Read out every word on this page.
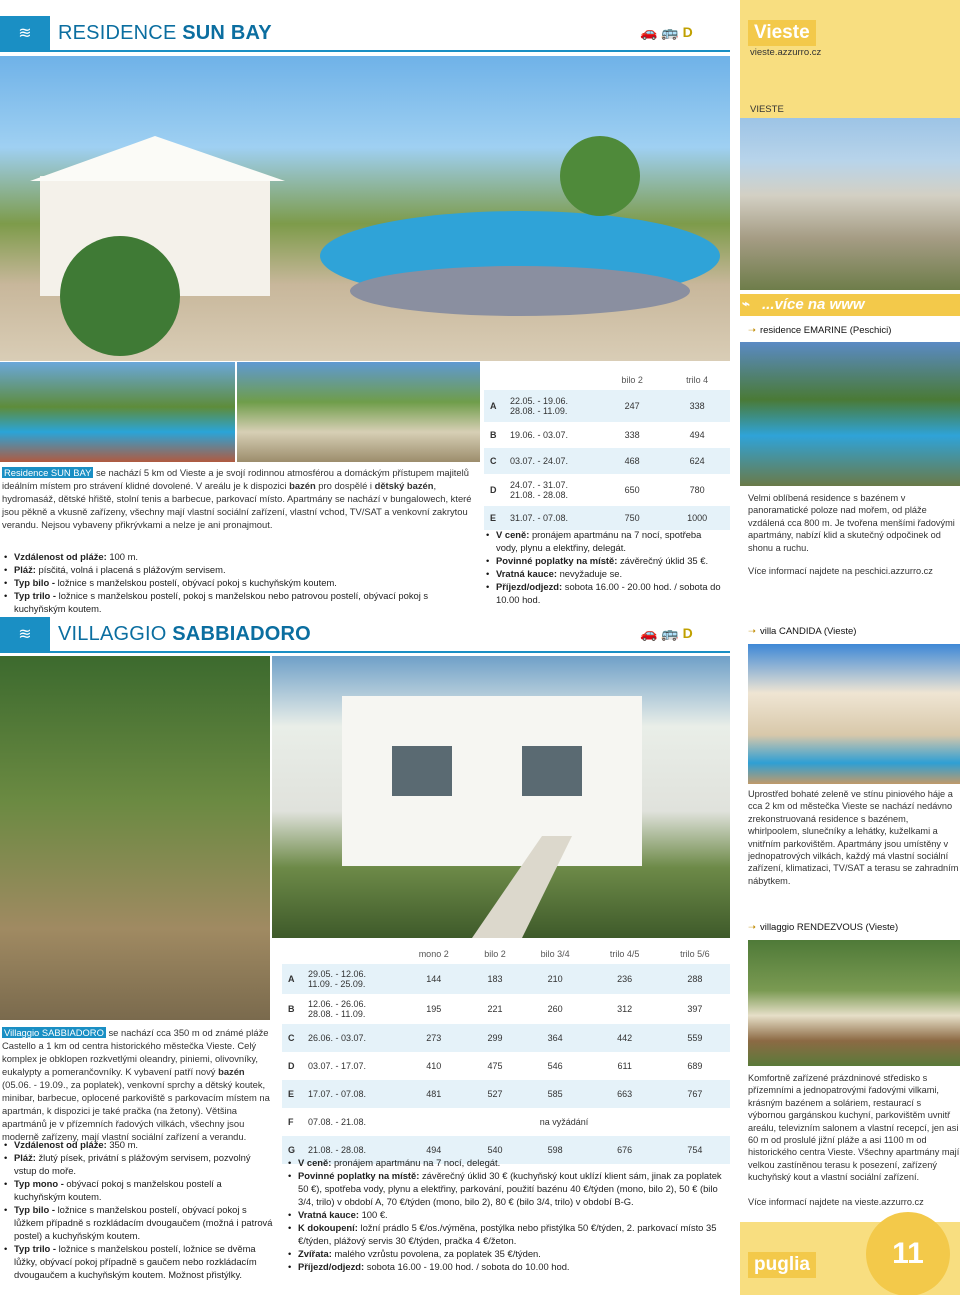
≋	RESIDENCE SUN BAY	🚗 🚌 D

Residence SUN BAY se nachází 5 km od Vieste a je svojí rodinnou atmosférou a domáckým přístupem majitelů ideálním místem pro strávení klidné dovolené. V areálu je k dispozici bazén pro dospělé i dětský bazén, hydromasáž, dětské hřiště, stolní tenis a barbecue, parkovací místo. Apartmány se nachází v bungalowech, které jsou pěkně a vkusně zařízeny, všechny mají vlastní sociální zařízení, vlastní vchod, TV/SAT a venkovní zakrytou verandu. Nejsou vybaveny přikrývkami a nelze je ani pronajmout.

• Vzdálenost od pláže: 100 m.
• Pláž: písčitá, volná i placená s plážovým servisem.
• Typ bilo - ložnice s manželskou postelí, obývací pokoj s kuchyňským koutem.
• Typ trilo - ložnice s manželskou postelí, pokoj s manželskou nebo patrovou postelí, obývací pokoj s kuchyňským koutem.
		bilo 2	trilo 4
A	22.05. - 19.06.
28.08. - 11.09.	247	338
B	19.06. - 03.07.	338	494
C	03.07. - 24.07.	468	624
D	24.07. - 31.07.
21.08. - 28.08.	650	780
E	31.07. - 07.08.	750	1000
• V ceně: pronájem apartmánu na 7 nocí, spotřeba vody, plynu a elektřiny, delegát.
• Povinné poplatky na místě: závěrečný úklid 35 €.
• Vratná kauce: nevyžaduje se.
• Příjezd/odjezd: sobota 16.00 - 20.00 hod. / sobota do 10.00 hod.
≋	VILLAGGIO SABBIADORO	🚗 🚌 D

Villaggio SABBIADORO se nachází cca 350 m od známé pláže Castello a 1 km od centra historického městečka Vieste. Celý komplex je obklopen rozkvetlými oleandry, piniemi, olivovníky, eukalypty a pomerančovníky. K vybavení patří nový bazén (05.06. - 19.09., za poplatek), venkovní sprchy a dětský koutek, minibar, barbecue, oplocené parkoviště s parkovacím místem na apartmán, k dispozici je také pračka (na žetony). Většina apartmánů je v přízemních řadových vilkách, všechny jsou moderně zařízeny, mají vlastní sociální zařízení a verandu.

• Vzdálenost od pláže: 350 m.
• Pláž: žlutý písek, privátní s plážovým servisem, pozvolný vstup do moře.
• Typ mono - obývací pokoj s manželskou postelí a kuchyňským koutem.
• Typ bilo - ložnice s manželskou postelí, obývací pokoj s lůžkem případně s rozkládacím dvougaučem (možná i patrová postel) a kuchyňským koutem.
• Typ trilo - ložnice s manželskou postelí, ložnice se dvěma lůžky, obývací pokoj případně s gaučem nebo rozkládacím dvougaučem a kuchyňským koutem. Možnost přistýlky.
		mono 2	bilo 2	bilo 3/4	trilo 4/5	trilo 5/6
A	29.05. - 12.06.
11.09. - 25.09.	144	183	210	236	288
B	12.06. - 26.06.
28.08. - 11.09.	195	221	260	312	397
C	26.06. - 03.07.	273	299	364	442	559
D	03.07. - 17.07.	410	475	546	611	689
E	17.07. - 07.08.	481	527	585	663	767
F	07.08. - 21.08.	na vyžádání				
G	21.08. - 28.08.	494	540	598	676	754
• V ceně: pronájem apartmánu na 7 nocí, delegát.
• Povinné poplatky na místě: závěrečný úklid 30 € (kuchyňský kout uklízí klient sám, jinak za poplatek 50 €), spotřeba vody, plynu a elektřiny, parkování, použití bazénu 40 €/týden (mono, bilo 2), 50 € (bilo 3/4, trilo) v období A, 70 €/týden (mono, bilo 2), 80 € (bilo 3/4, trilo) v období B-G.
• Vratná kauce: 100 €.
• K dokoupení: ložní prádlo 5 €/os./výměna, postýlka nebo přistýlka 50 €/týden, 2. parkovací místo 35 €/týden, plážový servis 30 €/týden, pračka 4 €/žeton.
• Zvířata: malého vzrůstu povolena, za poplatek 35 €/týden.
• Příjezd/odjezd: sobota 16.00 - 19.00 hod. / sobota do 10.00 hod.
Vieste
vieste.azzurro.cz
VIESTE
⌁ ...více na www
➝ residence EMARINE (Peschici)
Velmi oblíbená residence s bazénem v panoramatické poloze nad mořem, od pláže vzdálená cca 800 m. Je tvořena menšími řadovými apartmány, nabízí klid a skutečný odpočinek od shonu a ruchu.
Více informací najdete na peschici.azzurro.cz
➝ villa CANDIDA (Vieste)
Uprostřed bohaté zeleně ve stínu piniového háje a cca 2 km od městečka Vieste se nachází nedávno zrekonstruovaná residence s bazénem, whirlpoolem, slunečníky a lehátky, kuželkami a vnitřním parkovištěm. Apartmány jsou umístěny v jednopatrových vilkách, každý má vlastní sociální zařízení, klimatizaci, TV/SAT a terasu se zahradním nábytkem.
➝ villaggio RENDEZVOUS (Vieste)
Komfortně zařízené prázdninové středisko s přízemními a jednopatrovými řadovými vilkami, krásným bazénem a soláriem, restaurací s výbornou gargánskou kuchyní, parkovištěm uvnitř areálu, televizním salonem a vlastní recepcí, jen asi 60 m od proslulé jižní pláže a asi 1100 m od historického centra Vieste. Všechny apartmány mají velkou zastíněnou terasu k posezení, zařízený kuchyňský kout a vlastní sociální zařízení.
Více informací najdete na vieste.azzurro.cz
puglia	11
